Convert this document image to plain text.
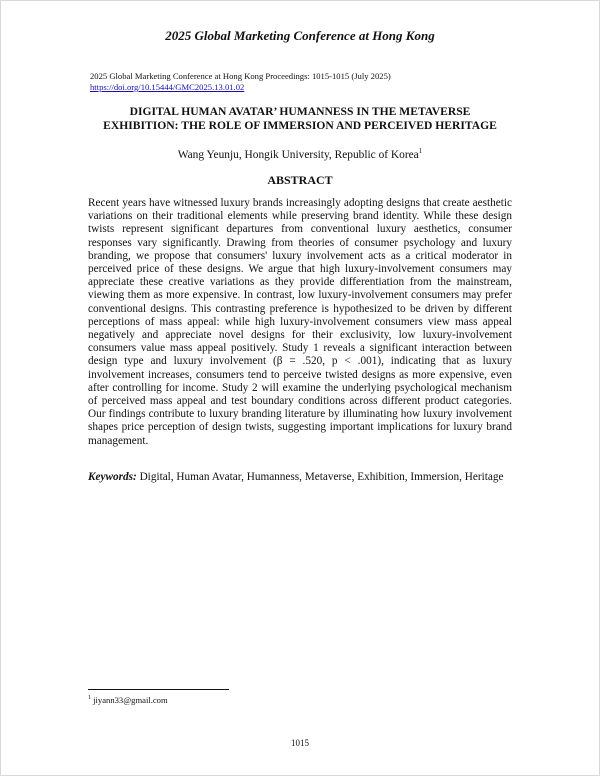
2025 Global Marketing Conference at Hong Kong
2025 Global Marketing Conference at Hong Kong Proceedings: 1015-1015 (July 2025)
https://doi.org/10.15444/GMC2025.13.01.02
DIGITAL HUMAN AVATAR’ HUMANNESS IN THE METAVERSE
EXHIBITION: THE ROLE OF IMMERSION AND PERCEIVED HERITAGE
Wang Yeunju, Hongik University, Republic of Korea$^1$
ABSTRACT

Recent years have witnessed luxury brands increasingly adopting designs that create aesthetic variations on their traditional elements while preserving brand identity. While these design twists represent significant departures from conventional luxury aesthetics, consumer responses vary significantly. Drawing from theories of consumer psychology and luxury branding, we propose that consumers' luxury involvement acts as a critical moderator in perceived price of these designs. We argue that high luxury-involvement consumers may appreciate these creative variations as they provide differentiation from the mainstream, viewing them as more expensive. In contrast, low luxury-involvement consumers may prefer conventional designs. This contrasting preference is hypothesized to be driven by different perceptions of mass appeal: while high luxury-involvement consumers view mass appeal negatively and appreciate novel designs for their exclusivity, low luxury-involvement consumers value mass appeal positively. Study 1 reveals a significant interaction between design type and luxury involvement (β = .520, p < .001), indicating that as luxury involvement increases, consumers tend to perceive twisted designs as more expensive, even after controlling for income. Study 2 will examine the underlying psychological mechanism of perceived mass appeal and test boundary conditions across different product categories. Our findings contribute to luxury branding literature by illuminating how luxury involvement shapes price perception of design twists, suggesting important implications for luxury brand management.

Keywords: Digital, Human Avatar, Humanness, Metaverse, Exhibition, Immersion, Heritage

$^1$ jiyann33@gmail.com
1015
